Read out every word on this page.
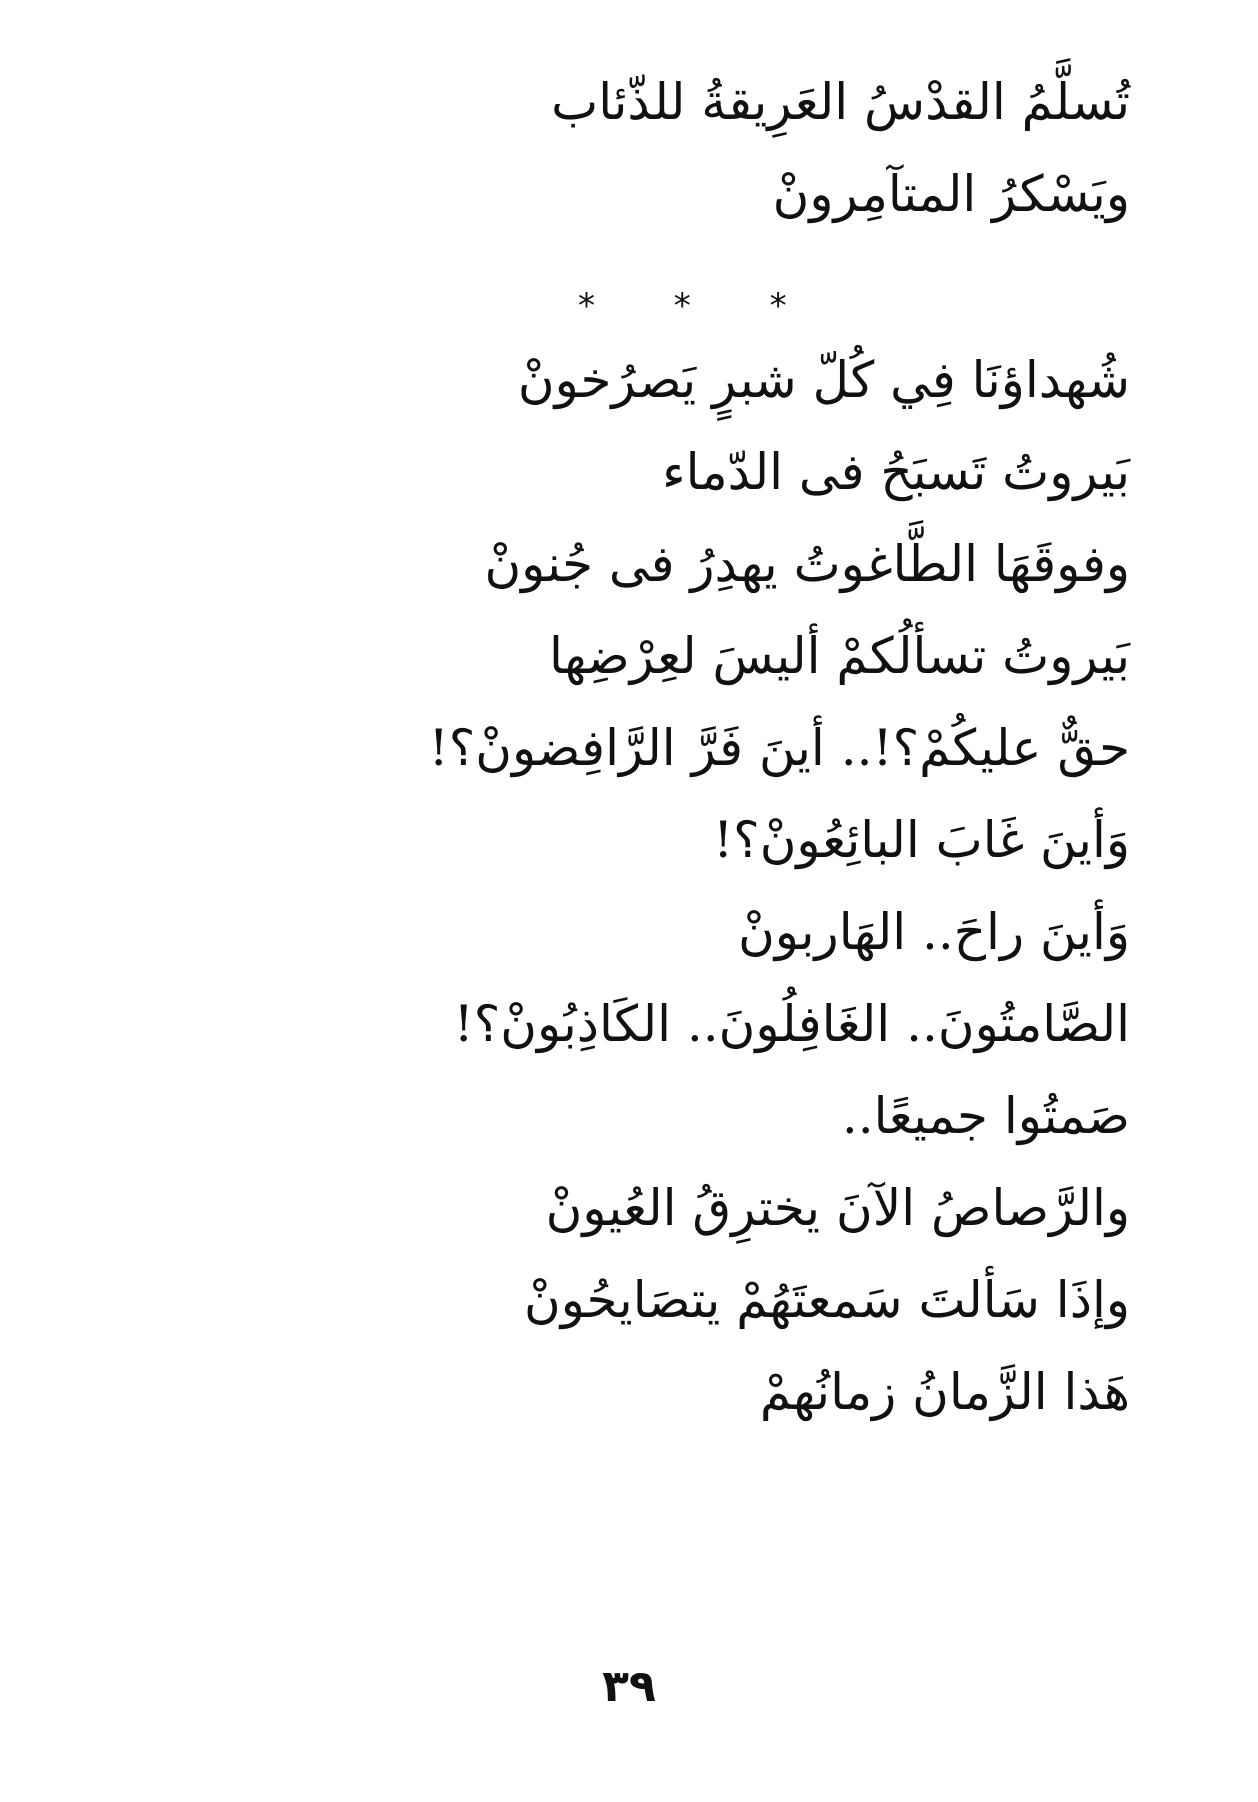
تُسلَّمُ القدْسُ العَرِيقةُ للذّئاب

ويَسْكرُ المتآمِرونْ

* * *

شُهداؤنَا فِي كُلّ شبرٍ يَصرُخونْ

بَيروتُ تَسبَحُ فى الدّماء

وفوقَهَا الطَّاغوتُ يهدِرُ فى جُنونْ

بَيروتُ تسألُكمْ أليسَ لعِرْضِها

حقٌّ عليكُمْ؟!.. أينَ فَرَّ الرَّافِضونْ؟!

وَأينَ غَابَ البائِعُونْ؟!

وَأينَ راحَ.. الهَاربونْ

الصَّامتُونَ.. الغَافِلُونَ.. الكَاذِبُونْ؟!

صَمتُوا جميعًا..

والرَّصاصُ الآنَ يخترِقُ العُيونْ

وإذَا سَألتَ سَمعتَهُمْ يتصَايحُونْ

هَذا الزَّمانُ زمانُهمْ

٣٩
